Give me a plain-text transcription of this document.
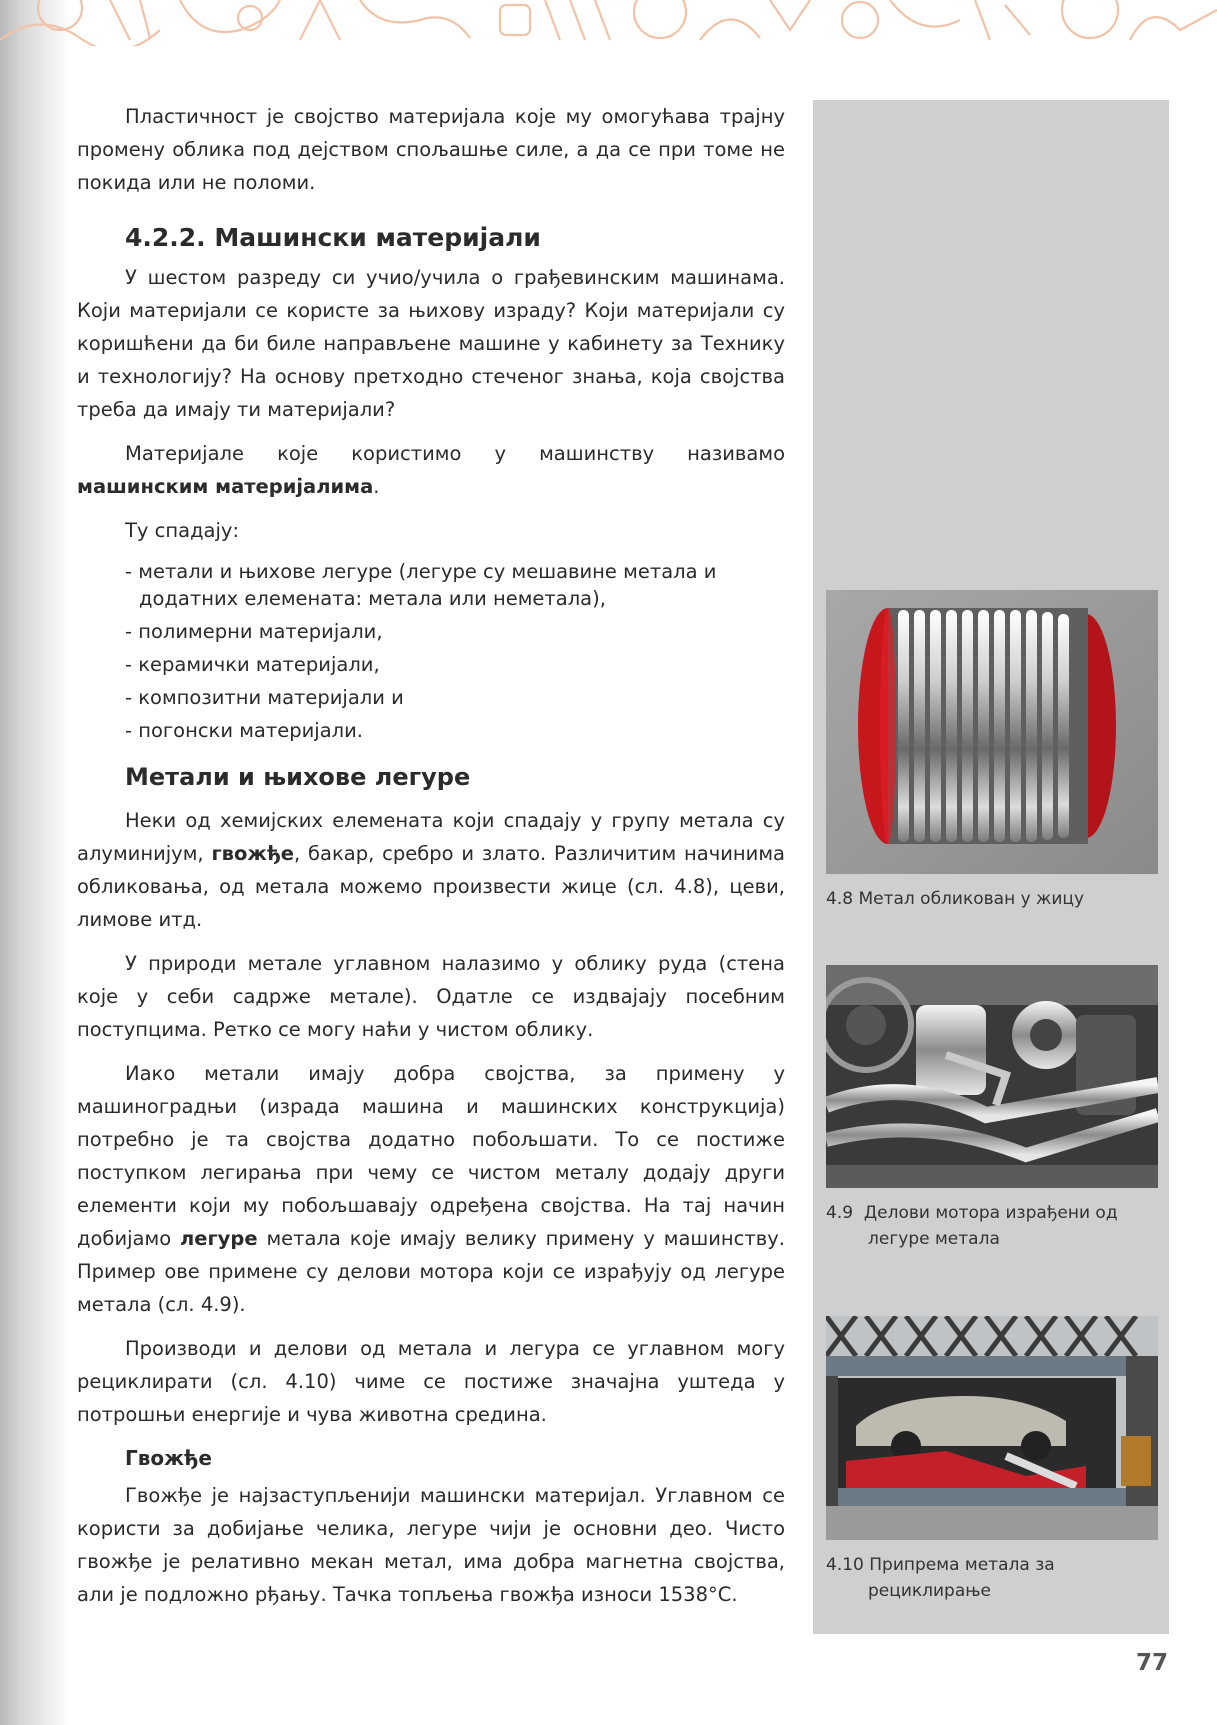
Пластичност је својство материјала које му омогућава трајну промену облика под дејством спољашње силе, а да се при томе не покида или не поломи.

4.2.2. Машински материјали

У шестом разреду си учио/учила о грађевинским машинама. Који материјали се користе за њихову израду? Који материјали су коришћени да би биле направљене машине у кабинету за Технику и технологију? На основу претходно стеченог знања, која својства треба да имају ти материјали?

Материјале које користимо у машинству називамо машинским материјалима.

Ту спадају:

- метали и њихове легуре (легуре су мешавине метала и додатних елемената: метала или неметала),
- полимерни материјали,
- керамички материјали,
- композитни материјали и
- погонски материјали.
Метали и њихове легуре

Неки од хемијских елемената који спадају у групу метала су алуминијум, гвожђе, бакар, сребро и злато. Различитим начинима обликовања, од метала можемо произвести жице (сл. 4.8), цеви, лимове итд.

У природи метале углавном налазимо у облику руда (стена које у себи садрже метале). Одатле се издвајају посебним поступцима. Ретко се могу наћи у чистом облику.

Иако метали имају добра својства, за примену у машиноградњи (израда машина и машинских конструкција) потребно је та својства додатно побољшати. То се постиже поступком легирања при чему се чистом металу додају други елементи који му побољшавају одређена својства. На тај начин добијамо легуре метала које имају велику примену у машинству. Пример ове примене су делови мотора који се израђују од легуре метала (сл. 4.9).

Производи и делови од метала и легура се углавном могу рециклирати (сл. 4.10) чиме се постиже значајна уштеда у потрошњи енергије и чува животна средина.

Гвожђе

Гвожђе је најзаступљенији машински материјал. Углавном се користи за добијање челика, легуре чији је основни део. Чисто гвожђе је релативно мекан метал, има добра магнетна својства, али је подложно рђању. Тачка топљења гвожђа износи 1538°C.

4.8 Метал обликован у жицу
4.9 Делови мотора израђени од
легуре метала
4.10 Припрема метала за
рециклирање
77
